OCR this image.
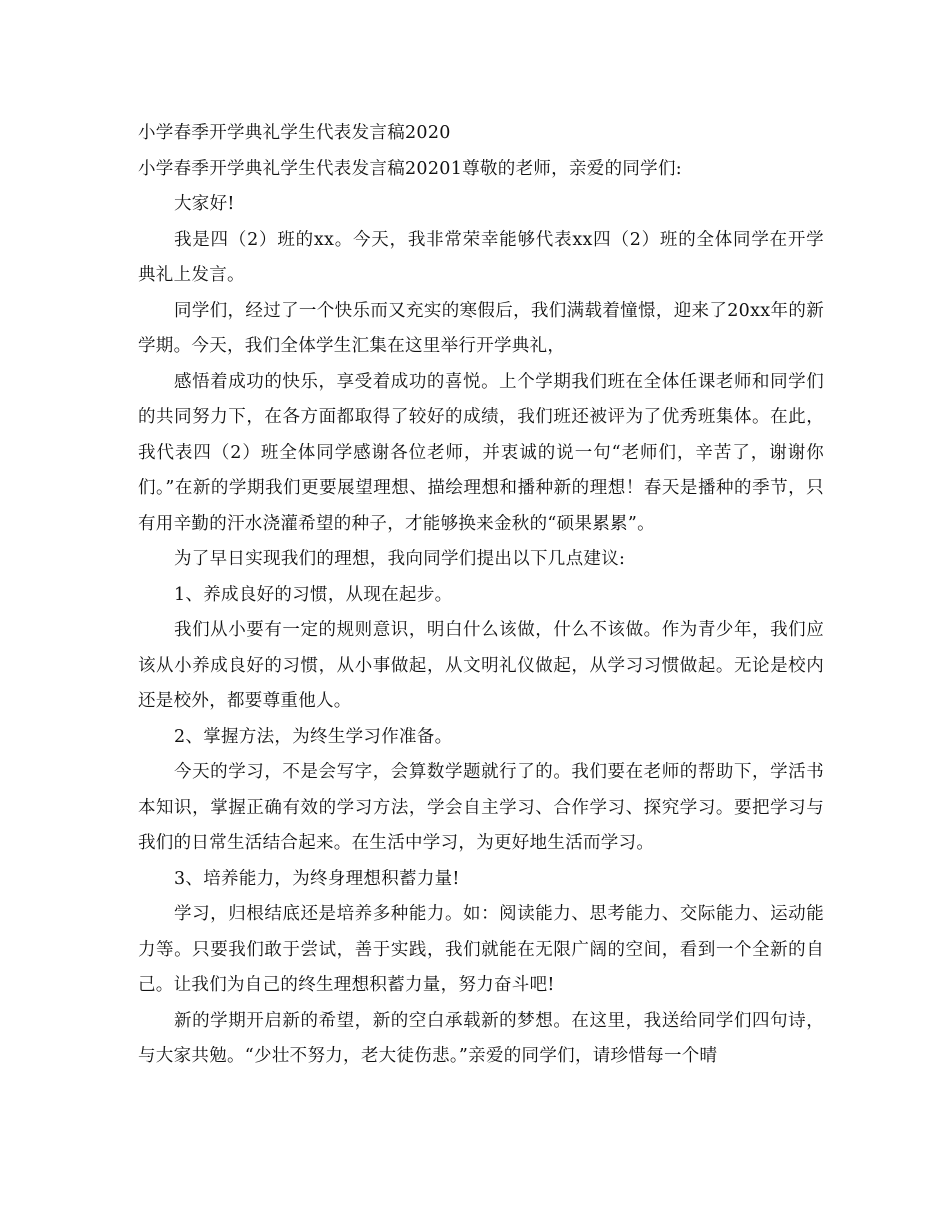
小学春季开学典礼学生代表发言稿2020

小学春季开学典礼学生代表发言稿20201尊敬的老师，亲爱的同学们:

大家好!

我是四（2）班的xx。今天，我非常荣幸能够代表xx四（2）班的全体同学在开学典礼上发言。

同学们，经过了一个快乐而又充实的寒假后，我们满载着憧憬，迎来了20xx年的新学期。今天，我们全体学生汇集在这里举行开学典礼，

感悟着成功的快乐，享受着成功的喜悦。上个学期我们班在全体任课老师和同学们的共同努力下，在各方面都取得了较好的成绩，我们班还被评为了优秀班集体。在此，我代表四（2）班全体同学感谢各位老师，并衷诚的说一句“老师们，辛苦了，谢谢你们。”在新的学期我们更要展望理想、描绘理想和播种新的理想！春天是播种的季节，只有用辛勤的汗水浇灌希望的种子，才能够换来金秋的“硕果累累”。

为了早日实现我们的理想，我向同学们提出以下几点建议:

1、养成良好的习惯，从现在起步。

我们从小要有一定的规则意识，明白什么该做，什么不该做。作为青少年，我们应该从小养成良好的习惯，从小事做起，从文明礼仪做起，从学习习惯做起。无论是校内还是校外，都要尊重他人。

2、掌握方法，为终生学习作准备。

今天的学习，不是会写字，会算数学题就行了的。我们要在老师的帮助下，学活书本知识，掌握正确有效的学习方法，学会自主学习、合作学习、探究学习。要把学习与我们的日常生活结合起来。在生活中学习，为更好地生活而学习。

3、培养能力，为终身理想积蓄力量!

学习，归根结底还是培养多种能力。如：阅读能力、思考能力、交际能力、运动能力等。只要我们敢于尝试，善于实践，我们就能在无限广阔的空间，看到一个全新的自己。让我们为自己的终生理想积蓄力量，努力奋斗吧!

新的学期开启新的希望，新的空白承载新的梦想。在这里，我送给同学们四句诗，与大家共勉。“少壮不努力，老大徒伤悲。”亲爱的同学们，请珍惜每一个晴
